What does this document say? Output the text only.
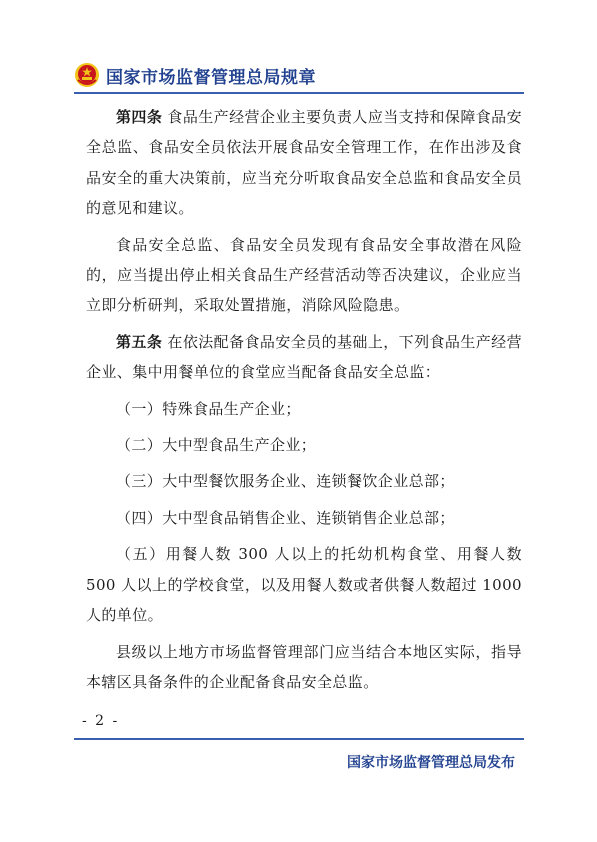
国家市场监督管理总局规章

第四条 食品生产经营企业主要负责人应当支持和保障食品安全总监、食品安全员依法开展食品安全管理工作，在作出涉及食品安全的重大决策前，应当充分听取食品安全总监和食品安全员的意见和建议。

食品安全总监、食品安全员发现有食品安全事故潜在风险的，应当提出停止相关食品生产经营活动等否决建议，企业应当立即分析研判，采取处置措施，消除风险隐患。

第五条 在依法配备食品安全员的基础上，下列食品生产经营企业、集中用餐单位的食堂应当配备食品安全总监：

（一）特殊食品生产企业；

（二）大中型食品生产企业；

（三）大中型餐饮服务企业、连锁餐饮企业总部；

（四）大中型食品销售企业、连锁销售企业总部；

（五）用餐人数 300 人以上的托幼机构食堂、用餐人数 500 人以上的学校食堂，以及用餐人数或者供餐人数超过 1000 人的单位。

县级以上地方市场监督管理部门应当结合本地区实际，指导本辖区具备条件的企业配备食品安全总监。

- 2 -
国家市场监督管理总局发布
